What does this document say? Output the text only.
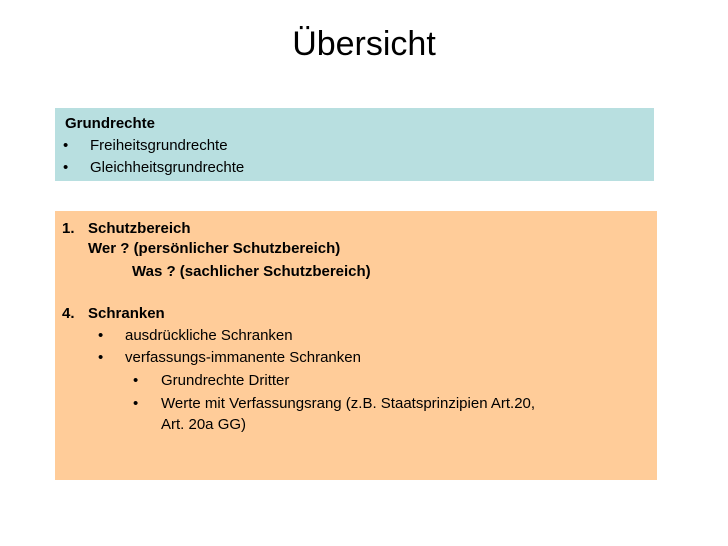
Übersicht
Grundrechte
• Freiheitsgrundrechte
• Gleichheitsgrundrechte
1. Schutzbereich
Wer ? (persönlicher Schutzbereich)
Was ? (sachlicher Schutzbereich)
4. Schranken
• ausdrückliche Schranken
• verfassungs-immanente Schranken
• Grundrechte Dritter
• Werte mit Verfassungsrang (z.B. Staatsprinzipien Art.20,
Art. 20a GG)
